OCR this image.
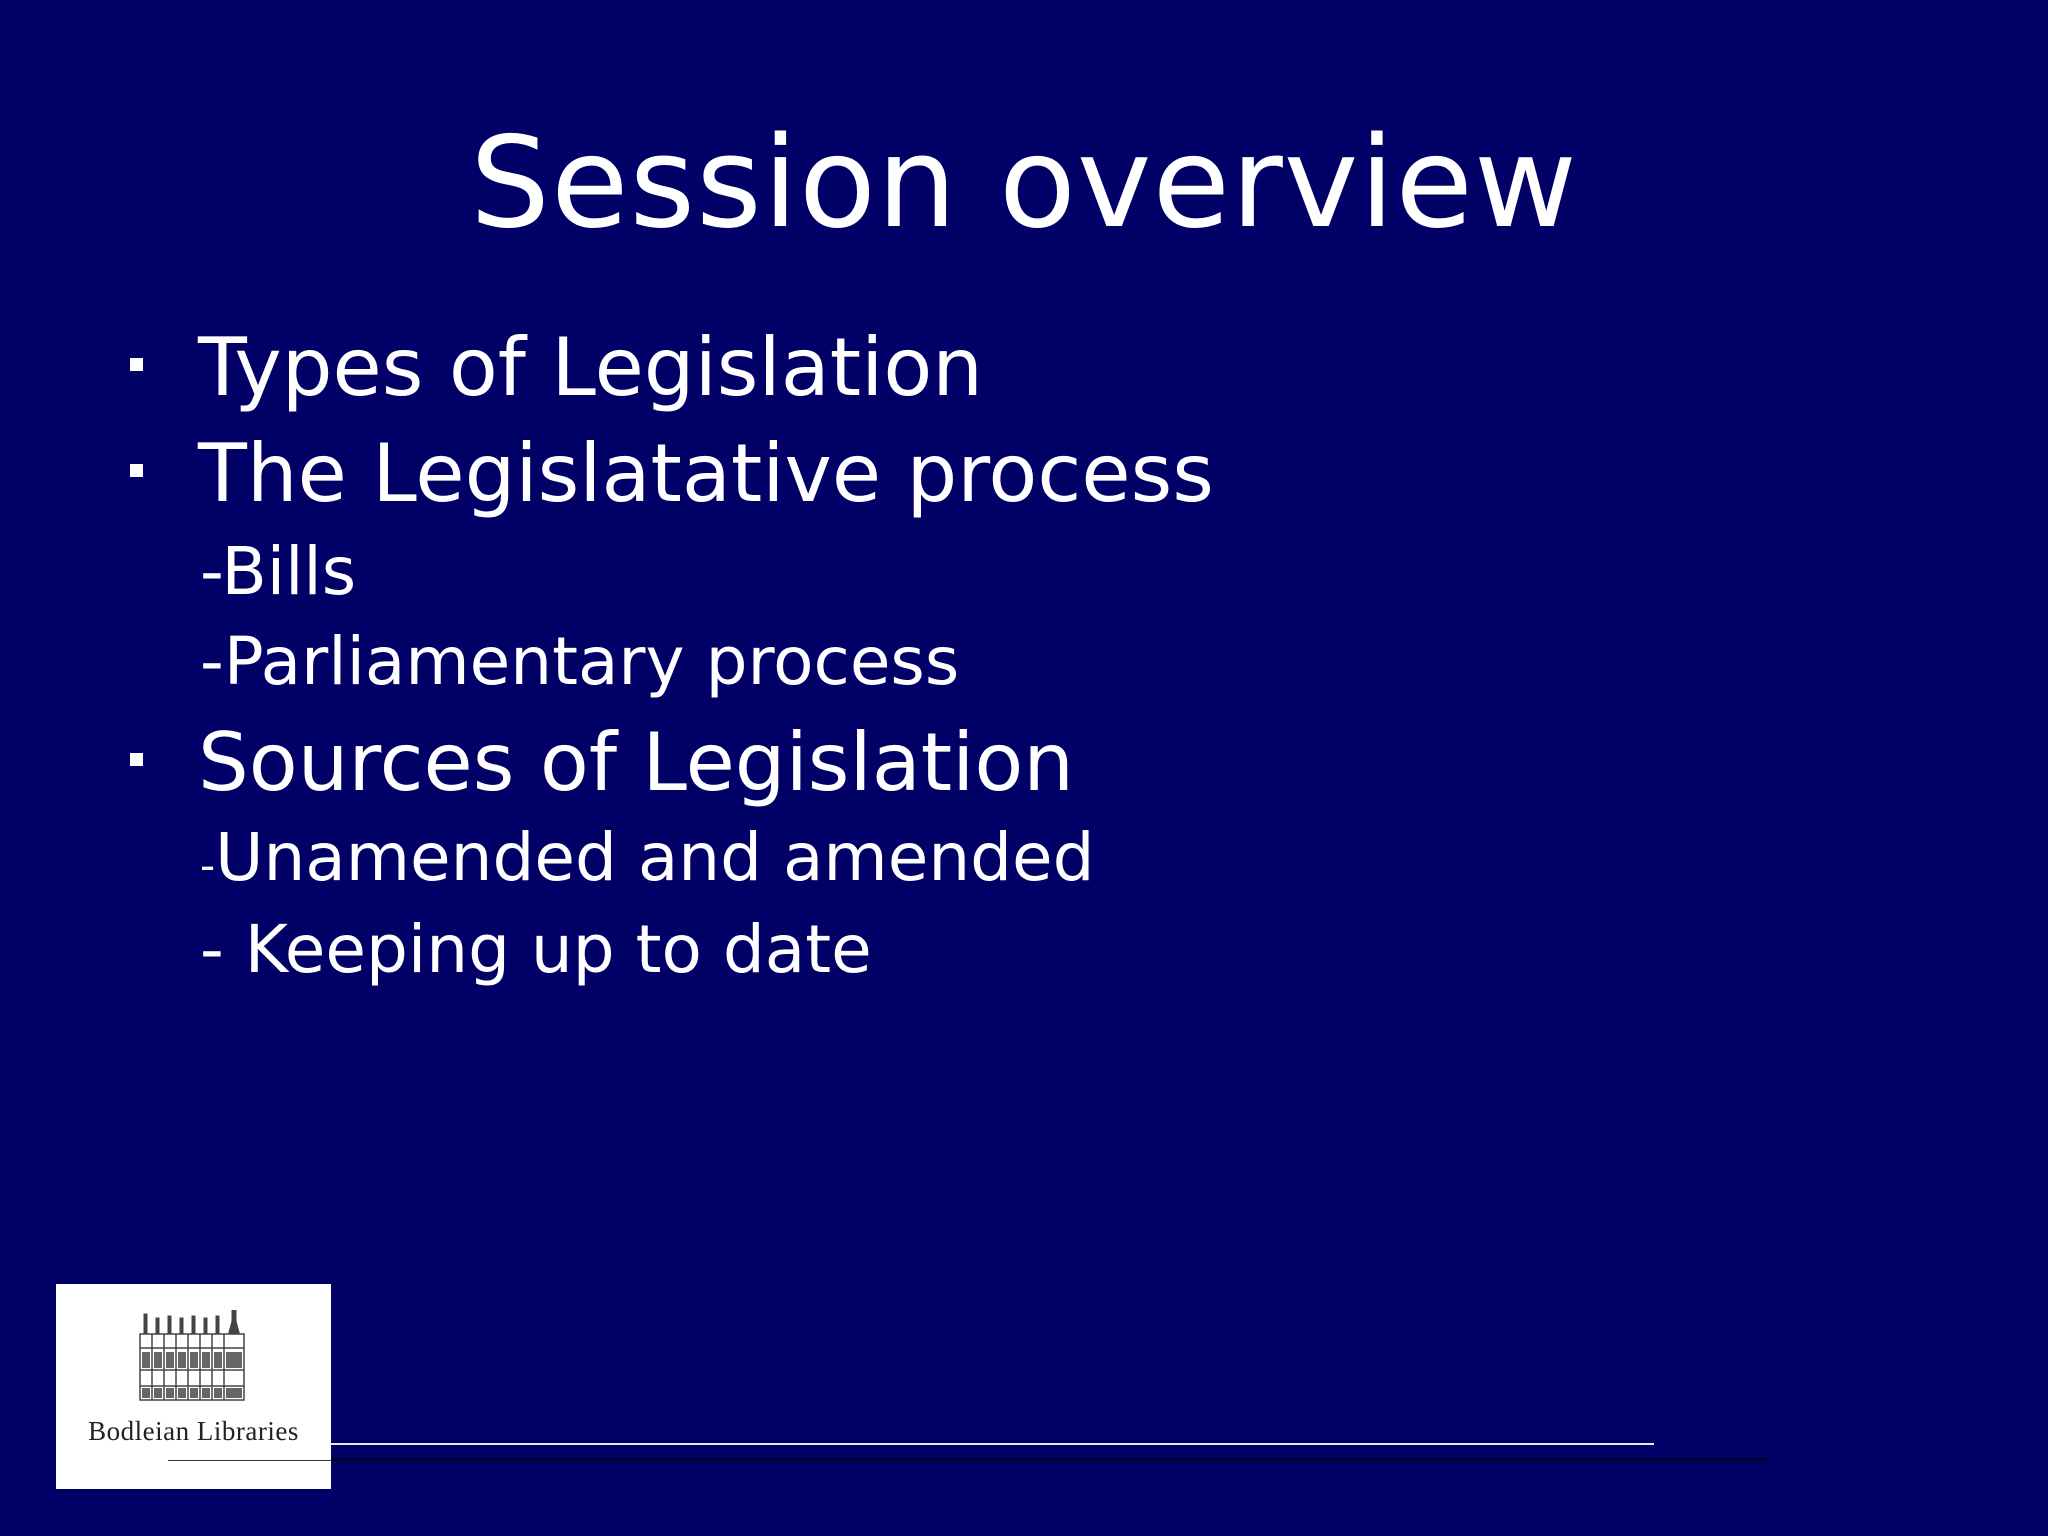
Session overview
Types of Legislation
The Legislatative process
-Bills
-Parliamentary process
Sources of Legislation
-Unamended and amended
- Keeping up to date
Bodleian Libraries
